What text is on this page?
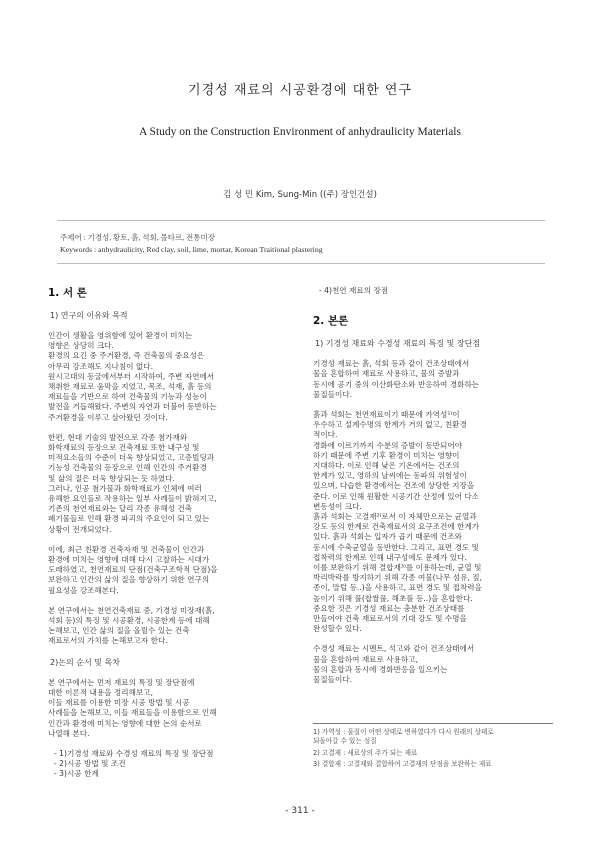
기경성 재료의 시공환경에 대한 연구
A Study on the Construction Environment of anhydraulicity Materials
김 성 민 Kim, Sung-Min ((주) 장인건설)
주제어 : 기경성, 황토, 흙, 석회, 몰타르, 전통미장
Keywords : anhydraulicity, Red clay, soil, lime, mortar, Korean Traitional plastering
1. 서 론
1) 연구의 이유와 목적

인간이 생활을 영위함에 있어 환경이 미치는
영향은 상당히 크다.
환경의 요긴 중 주거환경, 즉 건축물의 중요성은
아무리 강조해도 지나침이 없다.
원시고대의 동굴에서부터 시작하여, 주변 자연에서
채취한 재료로 움막을 지었고, 목조, 석재, 흙 등의
재료들을 기반으로 하여 건축물의 기능과 성능이
발전을 거듭해왔다. 주변의 자연과 더불어 동반하는
주거환경을 이루고 살아왔던 것이다.

한편, 현대 기술의 발전으로 각종 첨가재와
화학재료의 등장으로 건축재료 또한 내구성 및
미적요소들의 수준이 더욱 향상되었고, 고층빌딩과
기능성 건축물의 등장으로 인해 인간의 주거환경
및 삶의 질은 더욱 향상되는 듯 하였다.
그러나, 인공 첨가물과 화학재료가 인체에 여러
유해한 요인들로 작용하는 일부 사례들이 밝혀지고,
기존의 천연재료와는 달리 각종 유해성 건축
폐기물들로 인해 환경 파괴의 주요인이 되고 있는
상황이 전개되었다.

이에, 최근 친환경 건축자재 및 건축물이 인간과
환경에 미치는 영향에 대해 다시 고찰하는 시대가
도래하였고, 천연재료의 단점(건축구조학적 단점)을
보완하고 인간의 삶의 질을 향상하기 위한 연구의
필요성을 강조해본다.

본 연구에서는 천연건축재료 중, 기경성 미장재(흙,
석회 등)의 특징 및 시공환경, 시공한계 등에 대해
논해보고, 인간 삶의 질을 올릴수 있는 건축
재료로서의 가치를 논해보고자 한다.

2)논의 순서 및 목차

본 연구에서는 먼저 재료의 특징 및 장단점에
대한 이론적 내용을 정리해보고,
이들 재료를 이용한 미장 시공 방법 및 시공
사례들을 논해보고, 이들 재료들을 이용함으로 인해
인간과 환경에 미치는 영향에 대한 논의 순서로
나열해 본다.

- 1)기경성 재료와 수경성 재료의 특징 및 장단점
- 2)시공 방법 및 조건
- 3)시공 한계
- 4)천연 재료의 장점
2. 본론
1) 기경성 재료와 수경성 재료의 특징 및 장단점

기경성 재료는 흙, 석회 등과 같이 건조상태에서
물을 혼합하여 재료로 사용하고, 물의 증발과
동시에 공기 중의 이산화탄소와 반응하여 경화하는
물질들이다.

흙과 석회는 천연재료이기 때문에 가역성¹⁾이
우수하고 설계수명의 한계가 거의 없고, 친환경
적이다.
경화에 이르기까지 수분의 증발이 동반되어야
하기 때문에 주변 기후 환경이 미치는 영향이
지대하다. 이로 인해 낮은 기온에서는 건조의
한계가 있고, 영하의 날씨에는 동파의 위험성이
있으며, 다습한 환경에서는 건조에 상당한 지장을
준다. 이로 인해 원활한 시공기간 산정에 있어 다소
변동성이 크다.
흙과 석회는 고결재²⁾로서 이 자체만으로는 균열과
강도 등의 한계로 건축재료서의 요구조건에 한계가
있다. 흙과 석회는 입자가 곱기 때문에 건조와
동시에 수축균열을 동반한다. 그리고, 표면 경도 및
접착력의 한계로 인해 내구성에도 문제가 있다.
이를 보완하기 위해 결합재³⁾를 이용하는데, 균열 및
박리박락를 방지하기 위해 각종 여물(나무 섬유, 짚,
종이, 말털 등..)을 사용하고, 표면 경도 및 접착력을
높이기 위해 풀(찹쌀풀, 해초풀 등..)을 혼합한다.
중요한 것은 기경성 재료는 충분한 건조상태를
만들어야 건축 재료로서의 기대 강도 및 수명을
완성할수 있다.

수경성 재료는 시멘트, 석고와 같이 건조상태에서
물을 혼합하여 재료로 사용하고,
물의 혼합과 동시에 경화반응을 일으키는
물질들이다.

1) 가역성 : 물질이 어떤 상태로 변하였다가 다시 원래의 상태로
되돌아갈 수 있는 성질
2) 고결재 : 새료상의 주가 되는 재료
3) 결합재 : 고결재와 결합하여 고결재의 단점을 보완하는 재료
- 311 -
